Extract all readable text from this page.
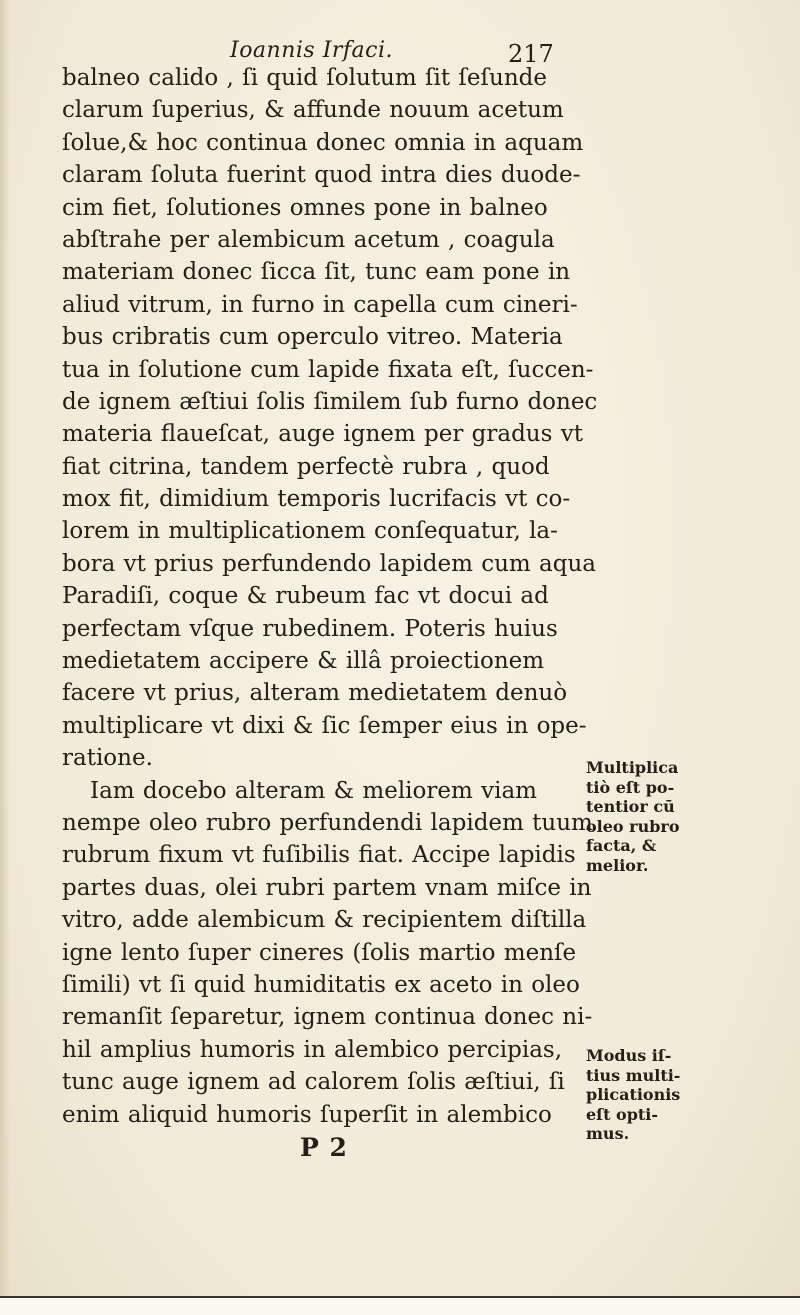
Ioannis Irfaci.	217
balneo calido , ſi quid ſolutum ſit ſeſunde
clarum ſuperius, & affunde nouum acetum
ſolue,& hoc continua donec omnia in aquam
claram ſoluta fuerint quod intra dies duode-
cim fiet, ſolutiones omnes pone in balneo
abſtrahe per alembicum acetum , coagula
materiam donec ſicca ſit, tunc eam pone in
aliud vitrum, in furno in capella cum cineri-
bus cribratis cum operculo vitreo. Materia
tua in ſolutione cum lapide fixata eſt, ſuccen-
de ignem æſtiui ſolis ſimilem ſub furno donec
materia flaueſcat, auge ignem per gradus vt
fiat citrina, tandem perfectè rubra , quod
mox fit, dimidium temporis lucrifacis vt co-
lorem in multiplicationem conſequatur, la-
bora vt prius perfundendo lapidem cum aqua
Paradiſi, coque & rubeum fac vt docui ad
perfectam vſque rubedinem. Poteris huius
medietatem accipere & illâ proiectionem
facere vt prius, alteram medietatem denuò
multiplicare vt dixi & ſic ſemper eius in ope-
ratione.
Iam docebo alteram & meliorem viam
nempe oleo rubro perfundendi lapidem tuum
rubrum fixum vt fuſibilis fiat. Accipe lapidis
partes duas, olei rubri partem vnam miſce in
vitro, adde alembicum & recipientem diſtilla
igne lento ſuper cineres (ſolis martio menſe
ſimili) vt ſi quid humiditatis ex aceto in oleo
remanſit ſeparetur, ignem continua donec ni-
hil amplius humoris in alembico percipias,
tunc auge ignem ad calorem ſolis æſtiui, ſi
enim aliquid humoris ſuperſit in alembico
Multiplica
tiò eſt po-
tentior cū
oleo rubro
facta, &
melior.
Modus iſ-
tius multi-
plicationis
eſt opti-
mus.
P 2
